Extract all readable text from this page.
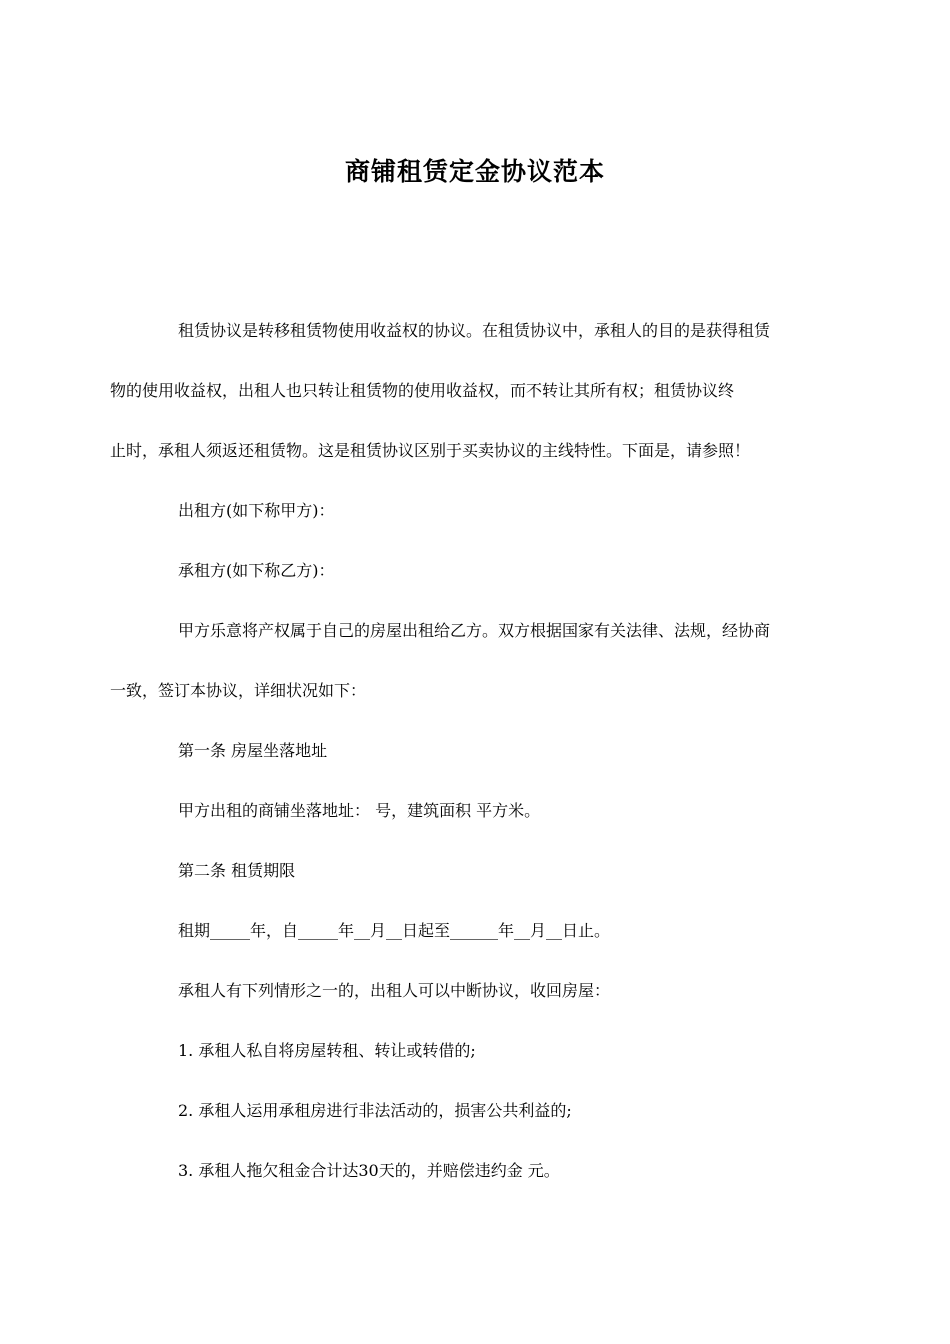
商铺租赁定金协议范本

租赁协议是转移租赁物使用收益权的协议。在租赁协议中，承租人的目的是获得租赁
物的使用收益权，出租人也只转让租赁物的使用收益权，而不转让其所有权；租赁协议终
止时，承租人须返还租赁物。这是租赁协议区别于买卖协议的主线特性。下面是，请参照！

出租方(如下称甲方)：

承租方(如下称乙方)：

甲方乐意将产权属于自己的房屋出租给乙方。双方根据国家有关法律、法规，经协商
一致，签订本协议，详细状况如下：

第一条 房屋坐落地址

甲方出租的商铺坐落地址： 号，建筑面积 平方米。

第二条 租赁期限

租期_____年，自_____年__月__日起至______年__月__日止。

承租人有下列情形之一的，出租人可以中断协议，收回房屋：

1. 承租人私自将房屋转租、转让或转借的;

2. 承租人运用承租房进行非法活动的，损害公共利益的;

3. 承租人拖欠租金合计达30天的，并赔偿违约金 元。
